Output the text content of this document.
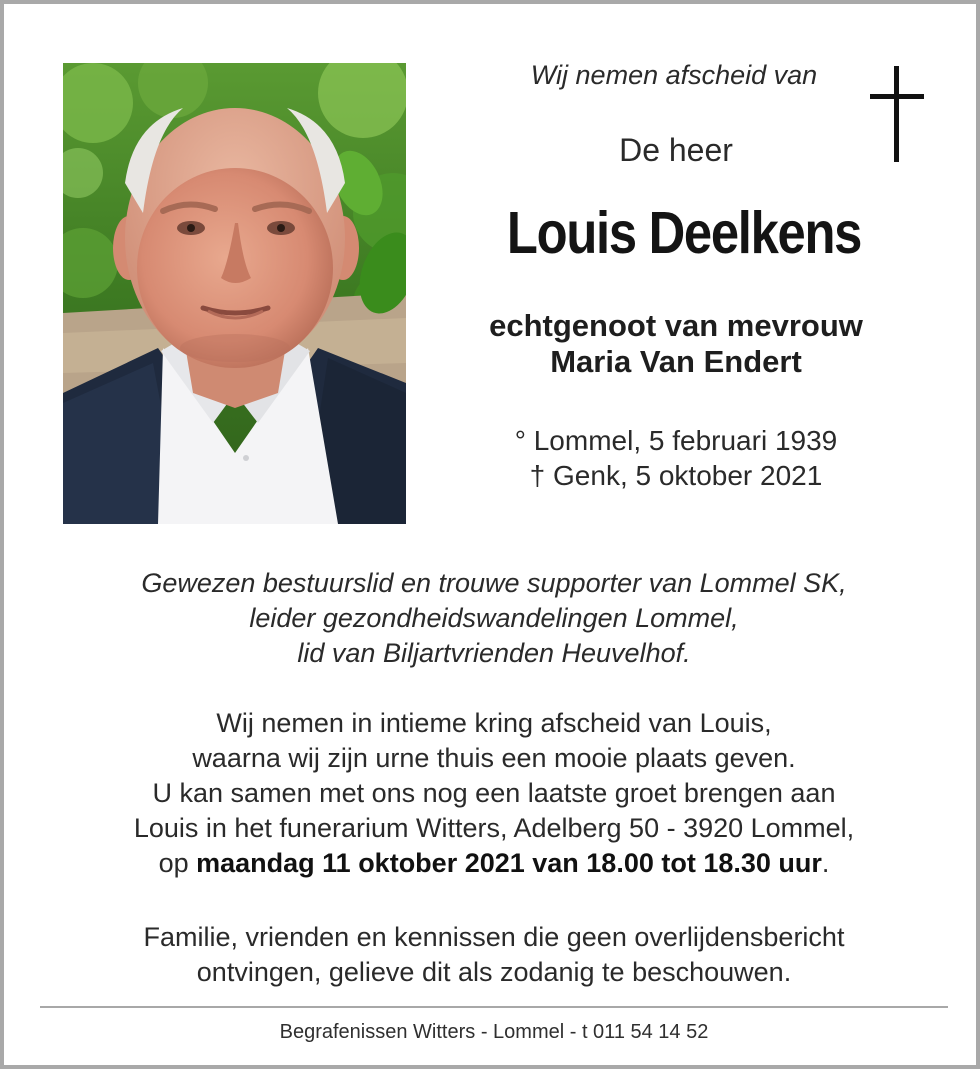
Wij nemen afscheid van
De heer
Louis Deelkens
echtgenoot van mevrouw
Maria Van Endert
° Lommel, 5 februari 1939
† Genk, 5 oktober 2021
Gewezen bestuurslid en trouwe supporter van Lommel SK,
leider gezondheidswandelingen Lommel,
lid van Biljartvrienden Heuvelhof.
Wij nemen in intieme kring afscheid van Louis,
waarna wij zijn urne thuis een mooie plaats geven.
U kan samen met ons nog een laatste groet brengen aan
Louis in het funerarium Witters, Adelberg 50 - 3920 Lommel,
op maandag 11 oktober 2021 van 18.00 tot 18.30 uur.
Familie, vrienden en kennissen die geen overlijdensbericht
ontvingen, gelieve dit als zodanig te beschouwen.
Begrafenissen Witters - Lommel - t 011 54 14 52
